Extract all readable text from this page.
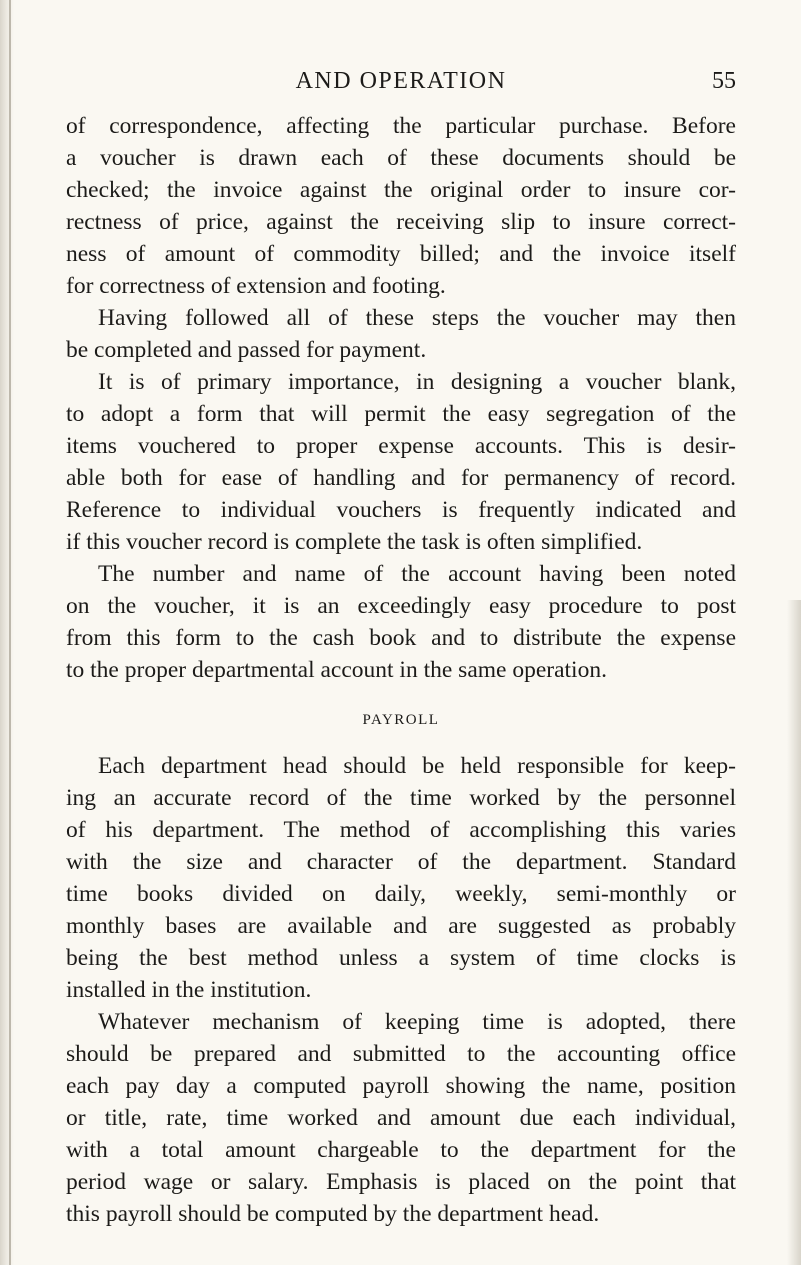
AND OPERATION	55
of correspondence, affecting the particular purchase. Before
a voucher is drawn each of these documents should be
checked; the invoice against the original order to insure cor-
rectness of price, against the receiving slip to insure correct-
ness of amount of commodity billed; and the invoice itself
for correctness of extension and footing.
Having followed all of these steps the voucher may then
be completed and passed for payment.
It is of primary importance, in designing a voucher blank,
to adopt a form that will permit the easy segregation of the
items vouchered to proper expense accounts. This is desir-
able both for ease of handling and for permanency of record.
Reference to individual vouchers is frequently indicated and
if this voucher record is complete the task is often simplified.
The number and name of the account having been noted
on the voucher, it is an exceedingly easy procedure to post
from this form to the cash book and to distribute the expense
to the proper departmental account in the same operation.
PAYROLL
Each department head should be held responsible for keep-
ing an accurate record of the time worked by the personnel
of his department. The method of accomplishing this varies
with the size and character of the department. Standard
time books divided on daily, weekly, semi-monthly or
monthly bases are available and are suggested as probably
being the best method unless a system of time clocks is
installed in the institution.
Whatever mechanism of keeping time is adopted, there
should be prepared and submitted to the accounting office
each pay day a computed payroll showing the name, position
or title, rate, time worked and amount due each individual,
with a total amount chargeable to the department for the
period wage or salary. Emphasis is placed on the point that
this payroll should be computed by the department head.
